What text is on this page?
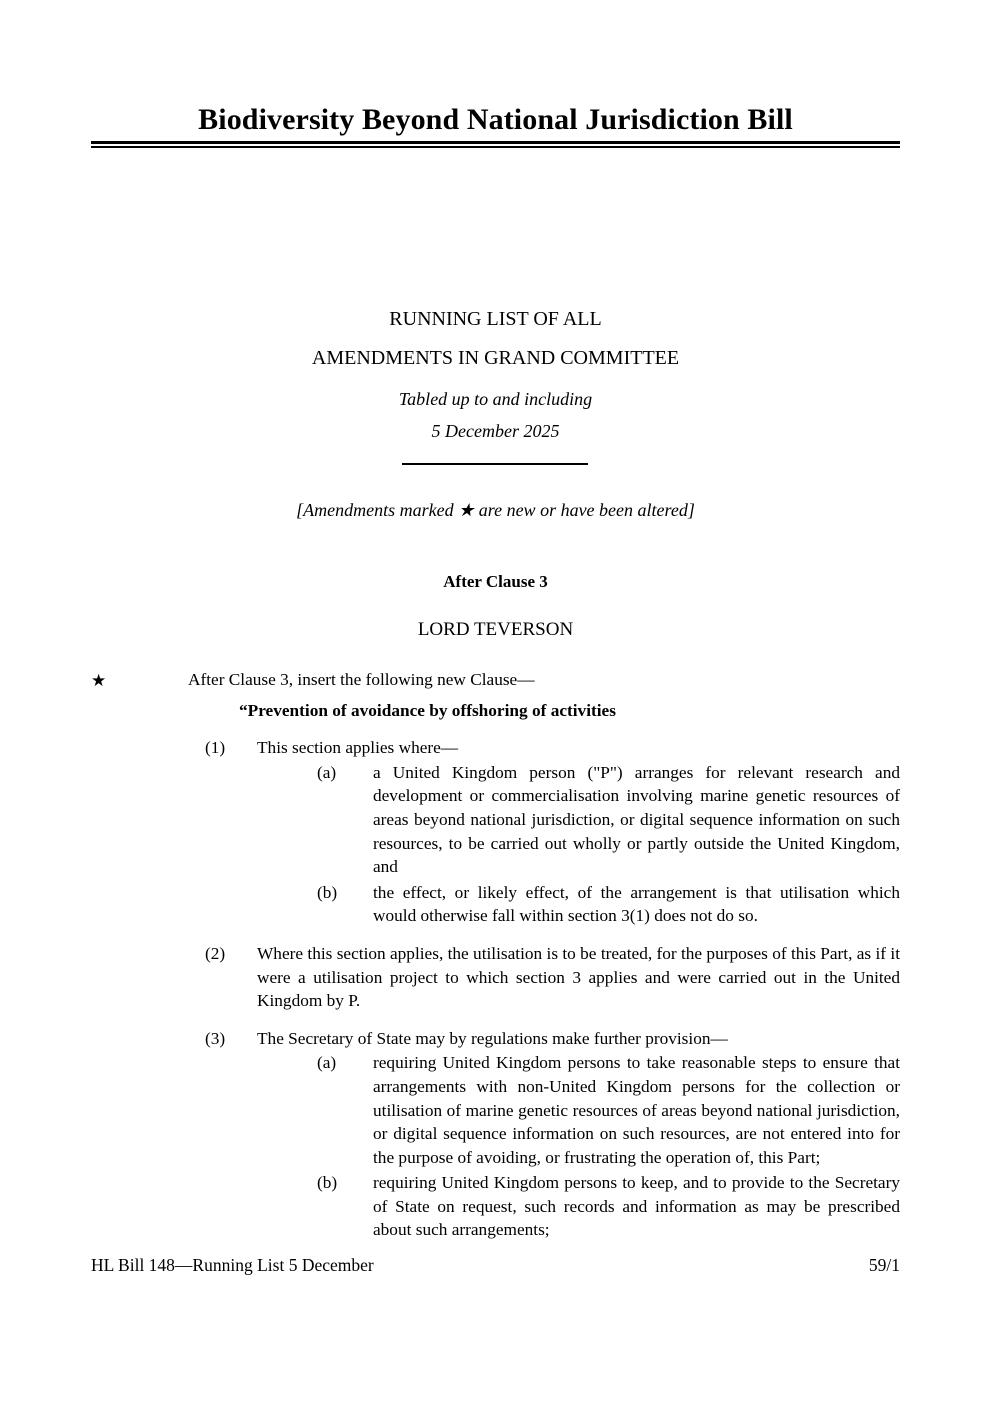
Biodiversity Beyond National Jurisdiction Bill
RUNNING LIST OF ALL
AMENDMENTS IN GRAND COMMITTEE
Tabled up to and including
5 December 2025
[Amendments marked ★ are new or have been altered]
After Clause 3
LORD TEVERSON
★	After Clause 3, insert the following new Clause—
“Prevention of avoidance by offshoring of activities
(1)	This section applies where—
(a)	a United Kingdom person ("P") arranges for relevant research and development or commercialisation involving marine genetic resources of areas beyond national jurisdiction, or digital sequence information on such resources, to be carried out wholly or partly outside the United Kingdom, and
(b)	the effect, or likely effect, of the arrangement is that utilisation which would otherwise fall within section 3(1) does not do so.
(2)	Where this section applies, the utilisation is to be treated, for the purposes of this Part, as if it were a utilisation project to which section 3 applies and were carried out in the United Kingdom by P.
(3)	The Secretary of State may by regulations make further provision—
(a)	requiring United Kingdom persons to take reasonable steps to ensure that arrangements with non-United Kingdom persons for the collection or utilisation of marine genetic resources of areas beyond national jurisdiction, or digital sequence information on such resources, are not entered into for the purpose of avoiding, or frustrating the operation of, this Part;
(b)	requiring United Kingdom persons to keep, and to provide to the Secretary of State on request, such records and information as may be prescribed about such arrangements;
HL Bill 148—Running List 5 December	59/1
